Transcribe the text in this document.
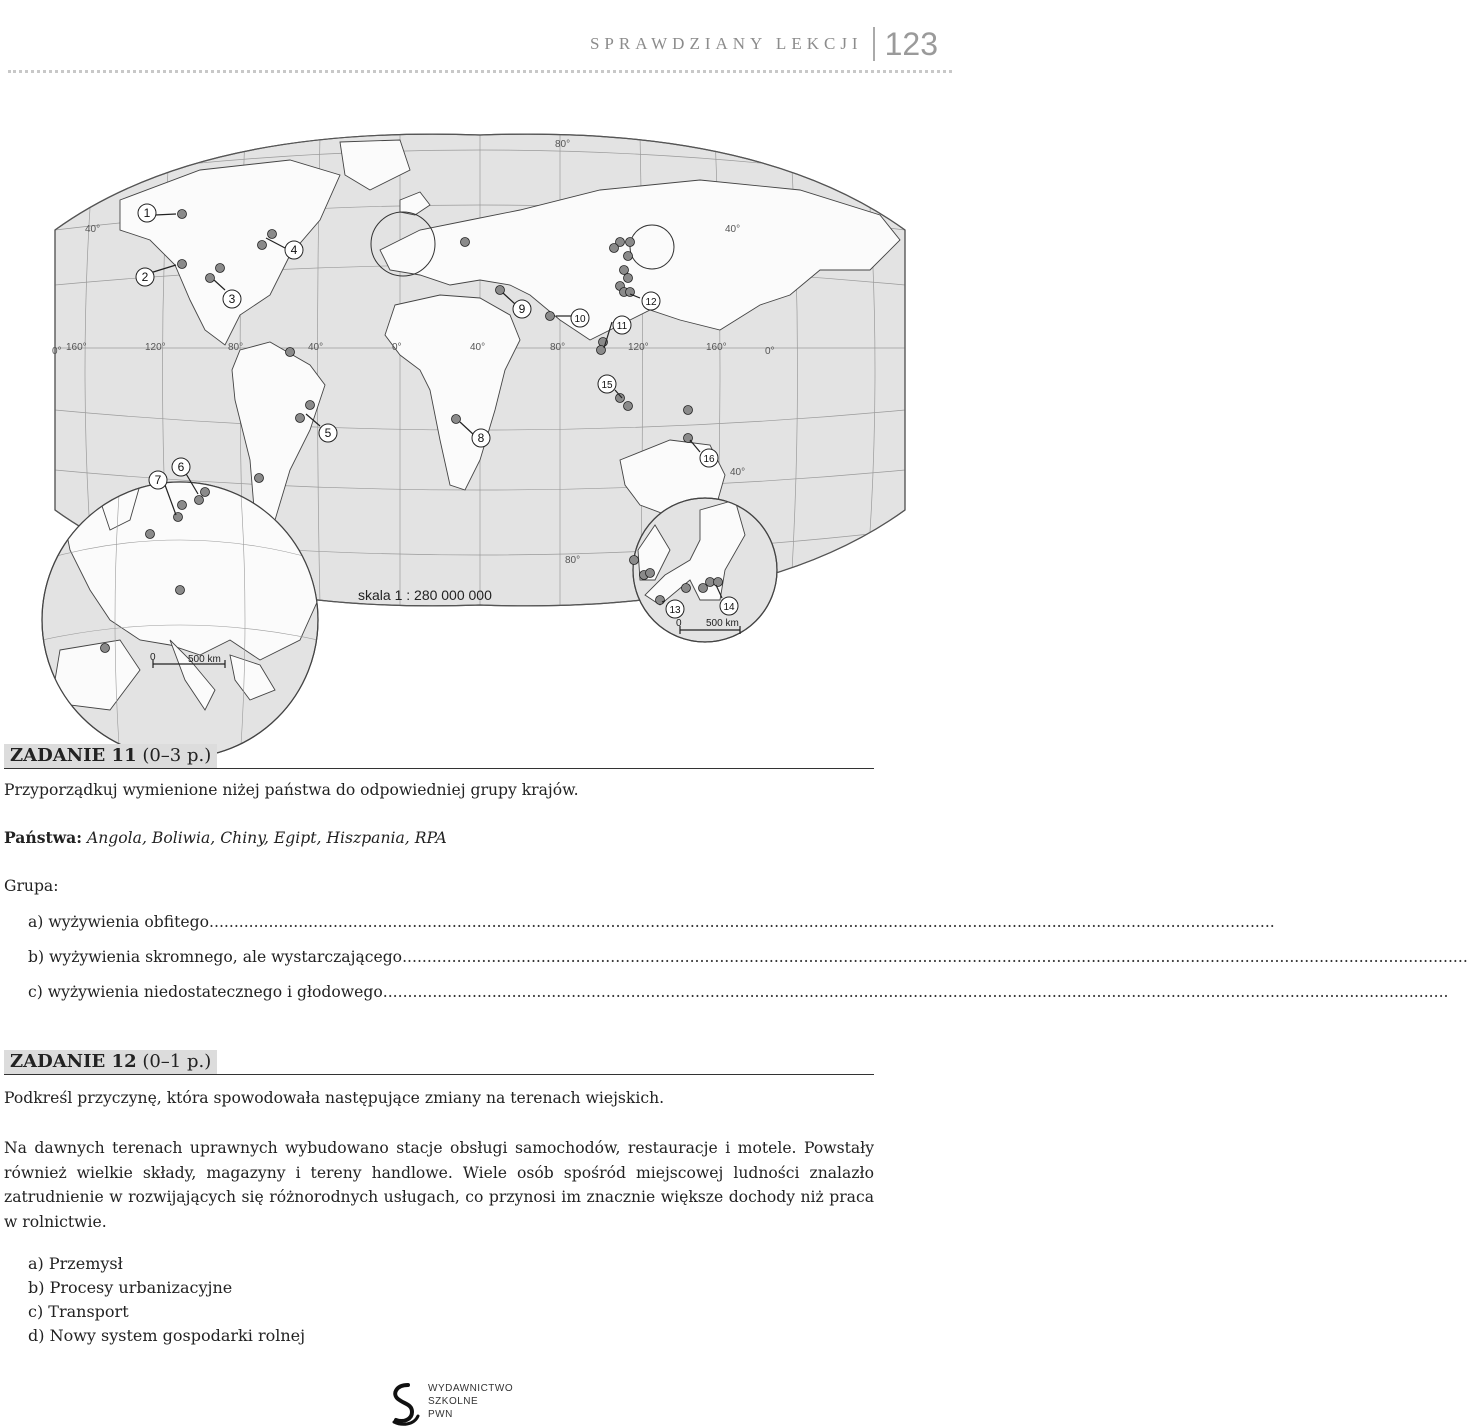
SPRAWDZIANY LEKCJI 123
80°
40°	40°
0°	0°
40°
80°
160°	120°	80°	40°	0°	40°	80°	120°	160°
skala 1 : 280 000 000
0	500 km
0 500 km
1
2
3
4
5
6
7
8
9
10
11
12
13	14
15
16
ZADANIE 11 (0–3 p.)
Przyporządkuj wymienione niżej państwa do odpowiedniej grupy krajów.
Państwa: Angola, Boliwia, Chiny, Egipt, Hiszpania, RPA
Grupa:
a)
wyżywienia obfitego .......................................................................................................................................................................................................................
b)
wyżywienia skromnego, ale wystarczającego .......................................................................................................................................................................................................................
c)
wyżywienia niedostatecznego i głodowego .......................................................................................................................................................................................................................
ZADANIE 12 (0–1 p.)
Podkreśl przyczynę, która spowodowała następujące zmiany na terenach wiejskich.
Na dawnych terenach uprawnych wybudowano stacje obsługi samochodów, restauracje i motele. Powstały również wielkie składy, magazyny i tereny handlowe. Wiele osób spośród miejscowej ludności znalazło zatrudnienie w rozwijających się różnorodnych usługach, co przynosi im znacznie większe dochody niż praca w rolnictwie.
a) Przemysł
b) Procesy urbanizacyjne
c) Transport
d) Nowy system gospodarki rolnej
WYDAWNICTWO
SZKOLNE
PWN
